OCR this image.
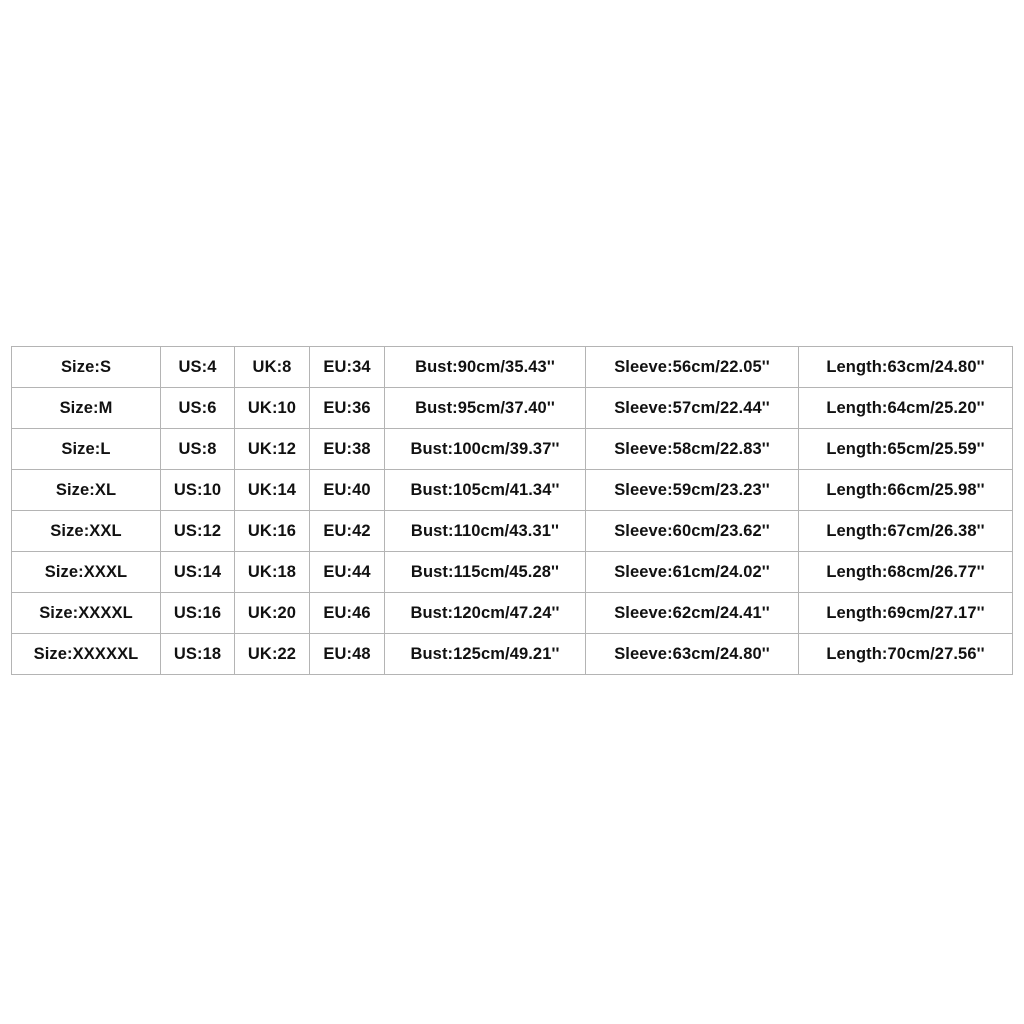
Size:S	US:4	UK:8	EU:34	Bust:90cm/35.43''	Sleeve:56cm/22.05''	Length:63cm/24.80''
Size:M	US:6	UK:10	EU:36	Bust:95cm/37.40''	Sleeve:57cm/22.44''	Length:64cm/25.20''
Size:L	US:8	UK:12	EU:38	Bust:100cm/39.37''	Sleeve:58cm/22.83''	Length:65cm/25.59''
Size:XL	US:10	UK:14	EU:40	Bust:105cm/41.34''	Sleeve:59cm/23.23''	Length:66cm/25.98''
Size:XXL	US:12	UK:16	EU:42	Bust:110cm/43.31''	Sleeve:60cm/23.62''	Length:67cm/26.38''
Size:XXXL	US:14	UK:18	EU:44	Bust:115cm/45.28''	Sleeve:61cm/24.02''	Length:68cm/26.77''
Size:XXXXL	US:16	UK:20	EU:46	Bust:120cm/47.24''	Sleeve:62cm/24.41''	Length:69cm/27.17''
Size:XXXXXL	US:18	UK:22	EU:48	Bust:125cm/49.21''	Sleeve:63cm/24.80''	Length:70cm/27.56''
